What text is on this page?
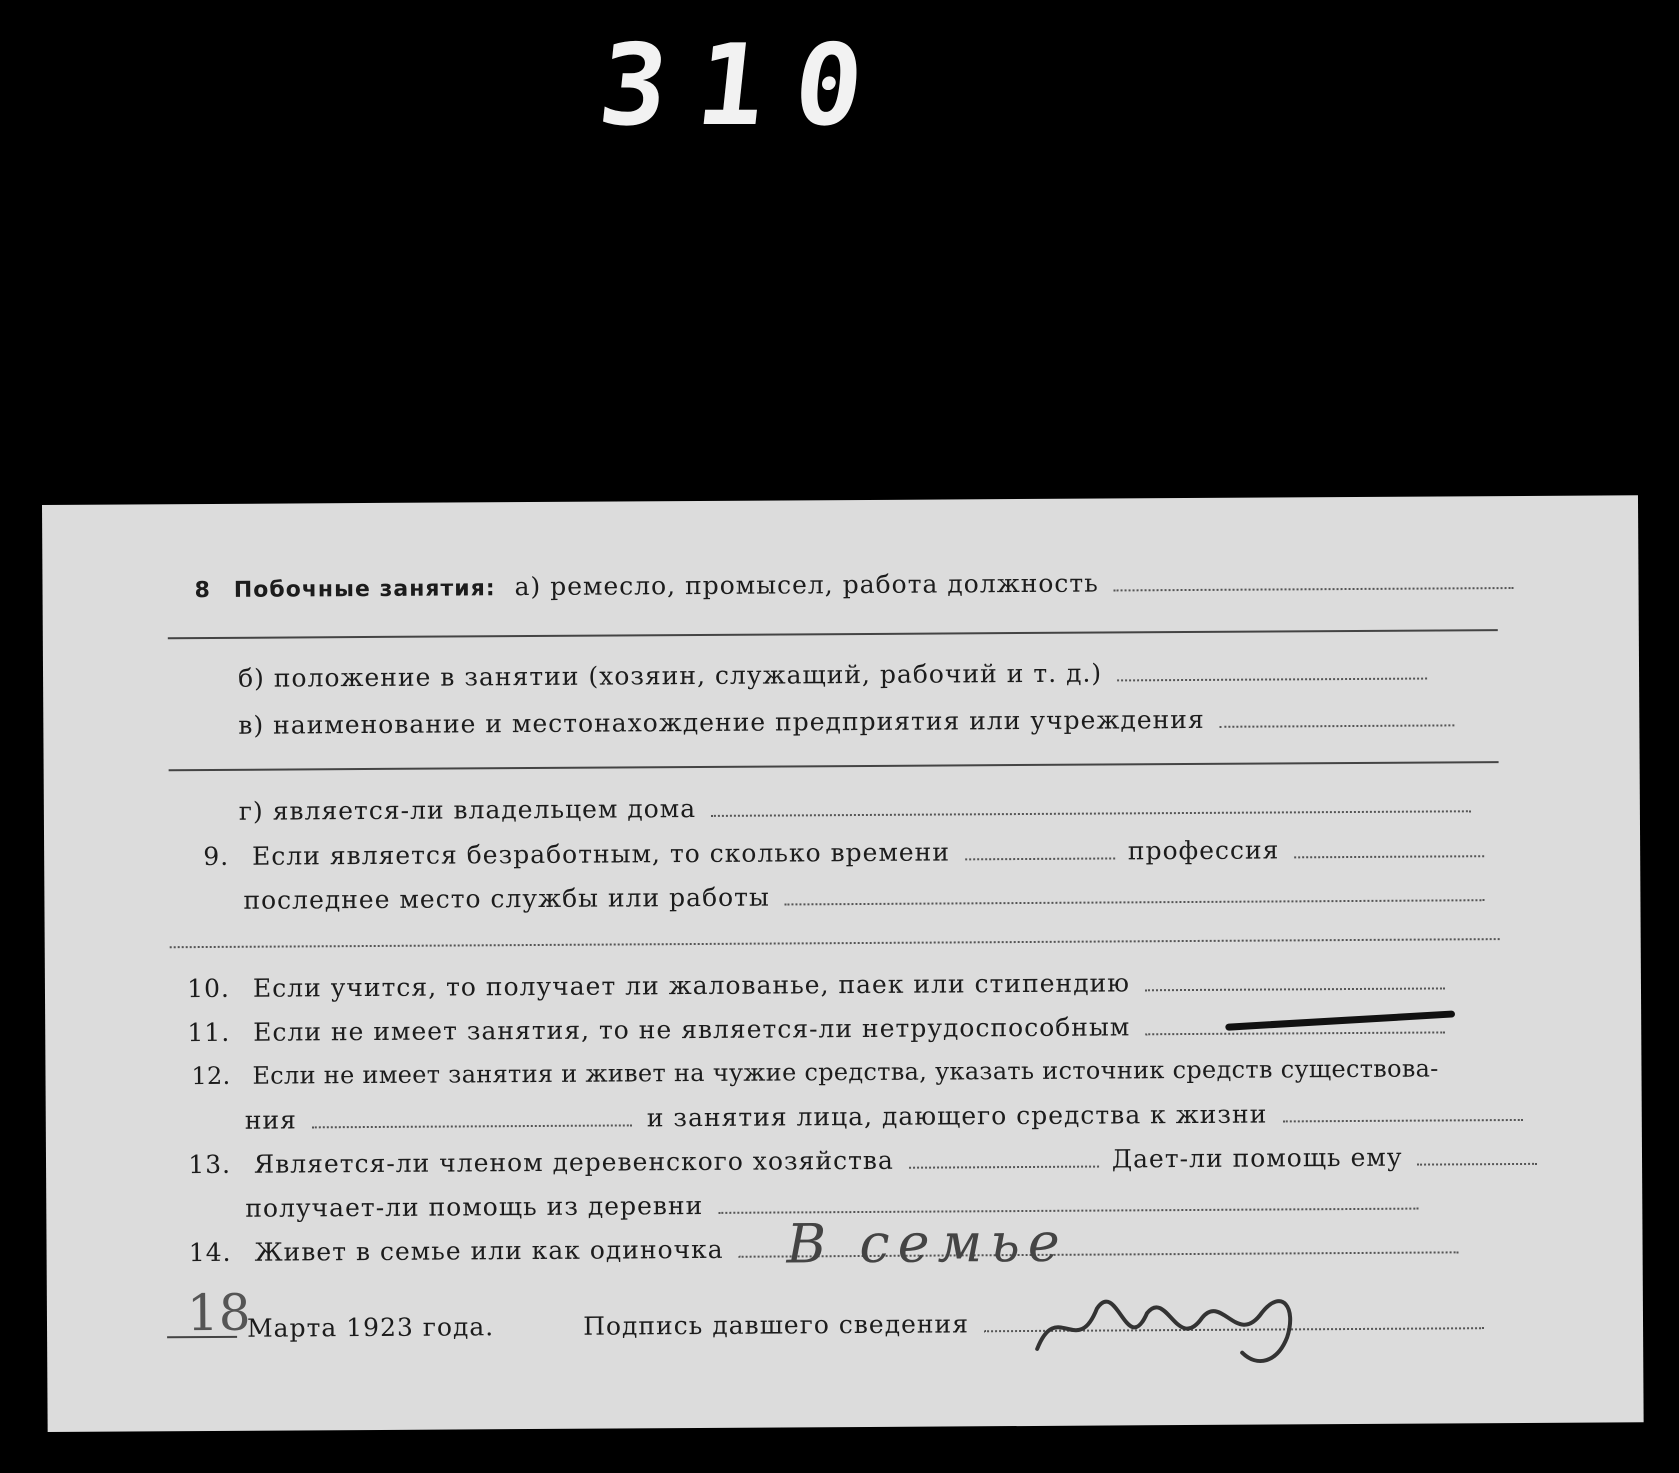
310
8 Побочные занятия: а) ремесло, промысел, работа должность
б) положение в занятии (хозяин, служащий, рабочий и т. д.)
в) наименование и местонахождение предприятия или учреждения
г) является-ли владельцем дома
9. Если является безработным, то сколько времени	профессия
последнее место службы или работы
10. Если учится, то получает ли жалованье, паек или стипендию
11. Если не имеет занятия, то не является-ли нетрудоспособным
12. Если не имеет занятия и живет на чужие средства, указать источник средств существова-
ния	и занятия лица, дающего средства к жизни
13. Является-ли членом деревенского хозяйства	Дает-ли помощь ему
получает-ли помощь из деревни
14. Живет в семье или как одиночка	В семье
18
Марта 1923 года.	Подпись давшего сведения
